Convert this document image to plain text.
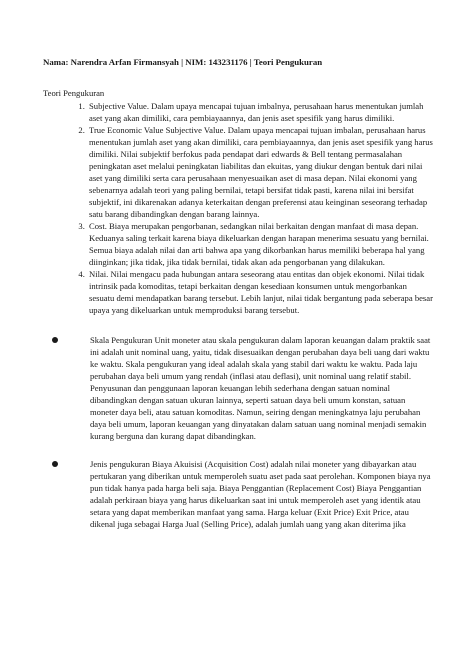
Nama: Narendra Arfan Firmansyah | NIM: 143231176 | Teori Pengukuran
Teori Pengukuran
1. Subjective Value. Dalam upaya mencapai tujuan imbalnya, perusahaan harus menentukan jumlah aset yang akan dimiliki, cara pembiayaannya, dan jenis aset spesifik yang harus dimiliki.
2. True Economic Value Subjective Value. Dalam upaya mencapai tujuan imbalan, perusahaan harus menentukan jumlah aset yang akan dimiliki, cara pembiayaannya, dan jenis aset spesifik yang harus dimiliki. Nilai subjektif berfokus pada pendapat dari edwards & Bell tentang permasalahan peningkatan aset melalui peningkatan liabilitas dan ekuitas, yang diukur dengan bentuk dari nilai aset yang dimiliki serta cara perusahaan menyesuaikan aset di masa depan. Nilai ekonomi yang sebenarnya adalah teori yang paling bernilai, tetapi bersifat tidak pasti, karena nilai ini bersifat subjektif, ini dikarenakan adanya keterkaitan dengan preferensi atau keinginan seseorang terhadap satu barang dibandingkan dengan barang lainnya.
3. Cost. Biaya merupakan pengorbanan, sedangkan nilai berkaitan dengan manfaat di masa depan. Keduanya saling terkait karena biaya dikeluarkan dengan harapan menerima sesuatu yang bernilai. Semua biaya adalah nilai dan arti bahwa apa yang dikorbankan harus memiliki beberapa hal yang diinginkan; jika tidak, jika tidak bernilai, tidak akan ada pengorbanan yang dilakukan.
4. Nilai. Nilai mengacu pada hubungan antara seseorang atau entitas dan objek ekonomi. Nilai tidak intrinsik pada komoditas, tetapi berkaitan dengan kesediaan konsumen untuk mengorbankan sesuatu demi mendapatkan barang tersebut. Lebih lanjut, nilai tidak bergantung pada seberapa besar upaya yang dikeluarkan untuk memproduksi barang tersebut.
Skala Pengukuran Unit moneter atau skala pengukuran dalam laporan keuangan dalam praktik saat ini adalah unit nominal uang, yaitu, tidak disesuaikan dengan perubahan daya beli uang dari waktu ke waktu. Skala pengukuran yang ideal adalah skala yang stabil dari waktu ke waktu. Pada laju perubahan daya beli umum yang rendah (inflasi atau deflasi), unit nominal uang relatif stabil. Penyusunan dan penggunaan laporan keuangan lebih sederhana dengan satuan nominal dibandingkan dengan satuan ukuran lainnya, seperti satuan daya beli umum konstan, satuan moneter daya beli, atau satuan komoditas. Namun, seiring dengan meningkatnya laju perubahan daya beli umum, laporan keuangan yang dinyatakan dalam satuan uang nominal menjadi semakin kurang berguna dan kurang dapat dibandingkan.
Jenis pengukuran Biaya Akuisisi (Acquisition Cost) adalah nilai moneter yang dibayarkan atau pertukaran yang diberikan untuk memperoleh suatu aset pada saat perolehan. Komponen biaya nya pun tidak hanya pada harga beli saja. Biaya Penggantian (Replacement Cost) Biaya Penggantian adalah perkiraan biaya yang harus dikeluarkan saat ini untuk memperoleh aset yang identik atau setara yang dapat memberikan manfaat yang sama. Harga keluar (Exit Price) Exit Price, atau dikenal juga sebagai Harga Jual (Selling Price), adalah jumlah uang yang akan diterima jika
